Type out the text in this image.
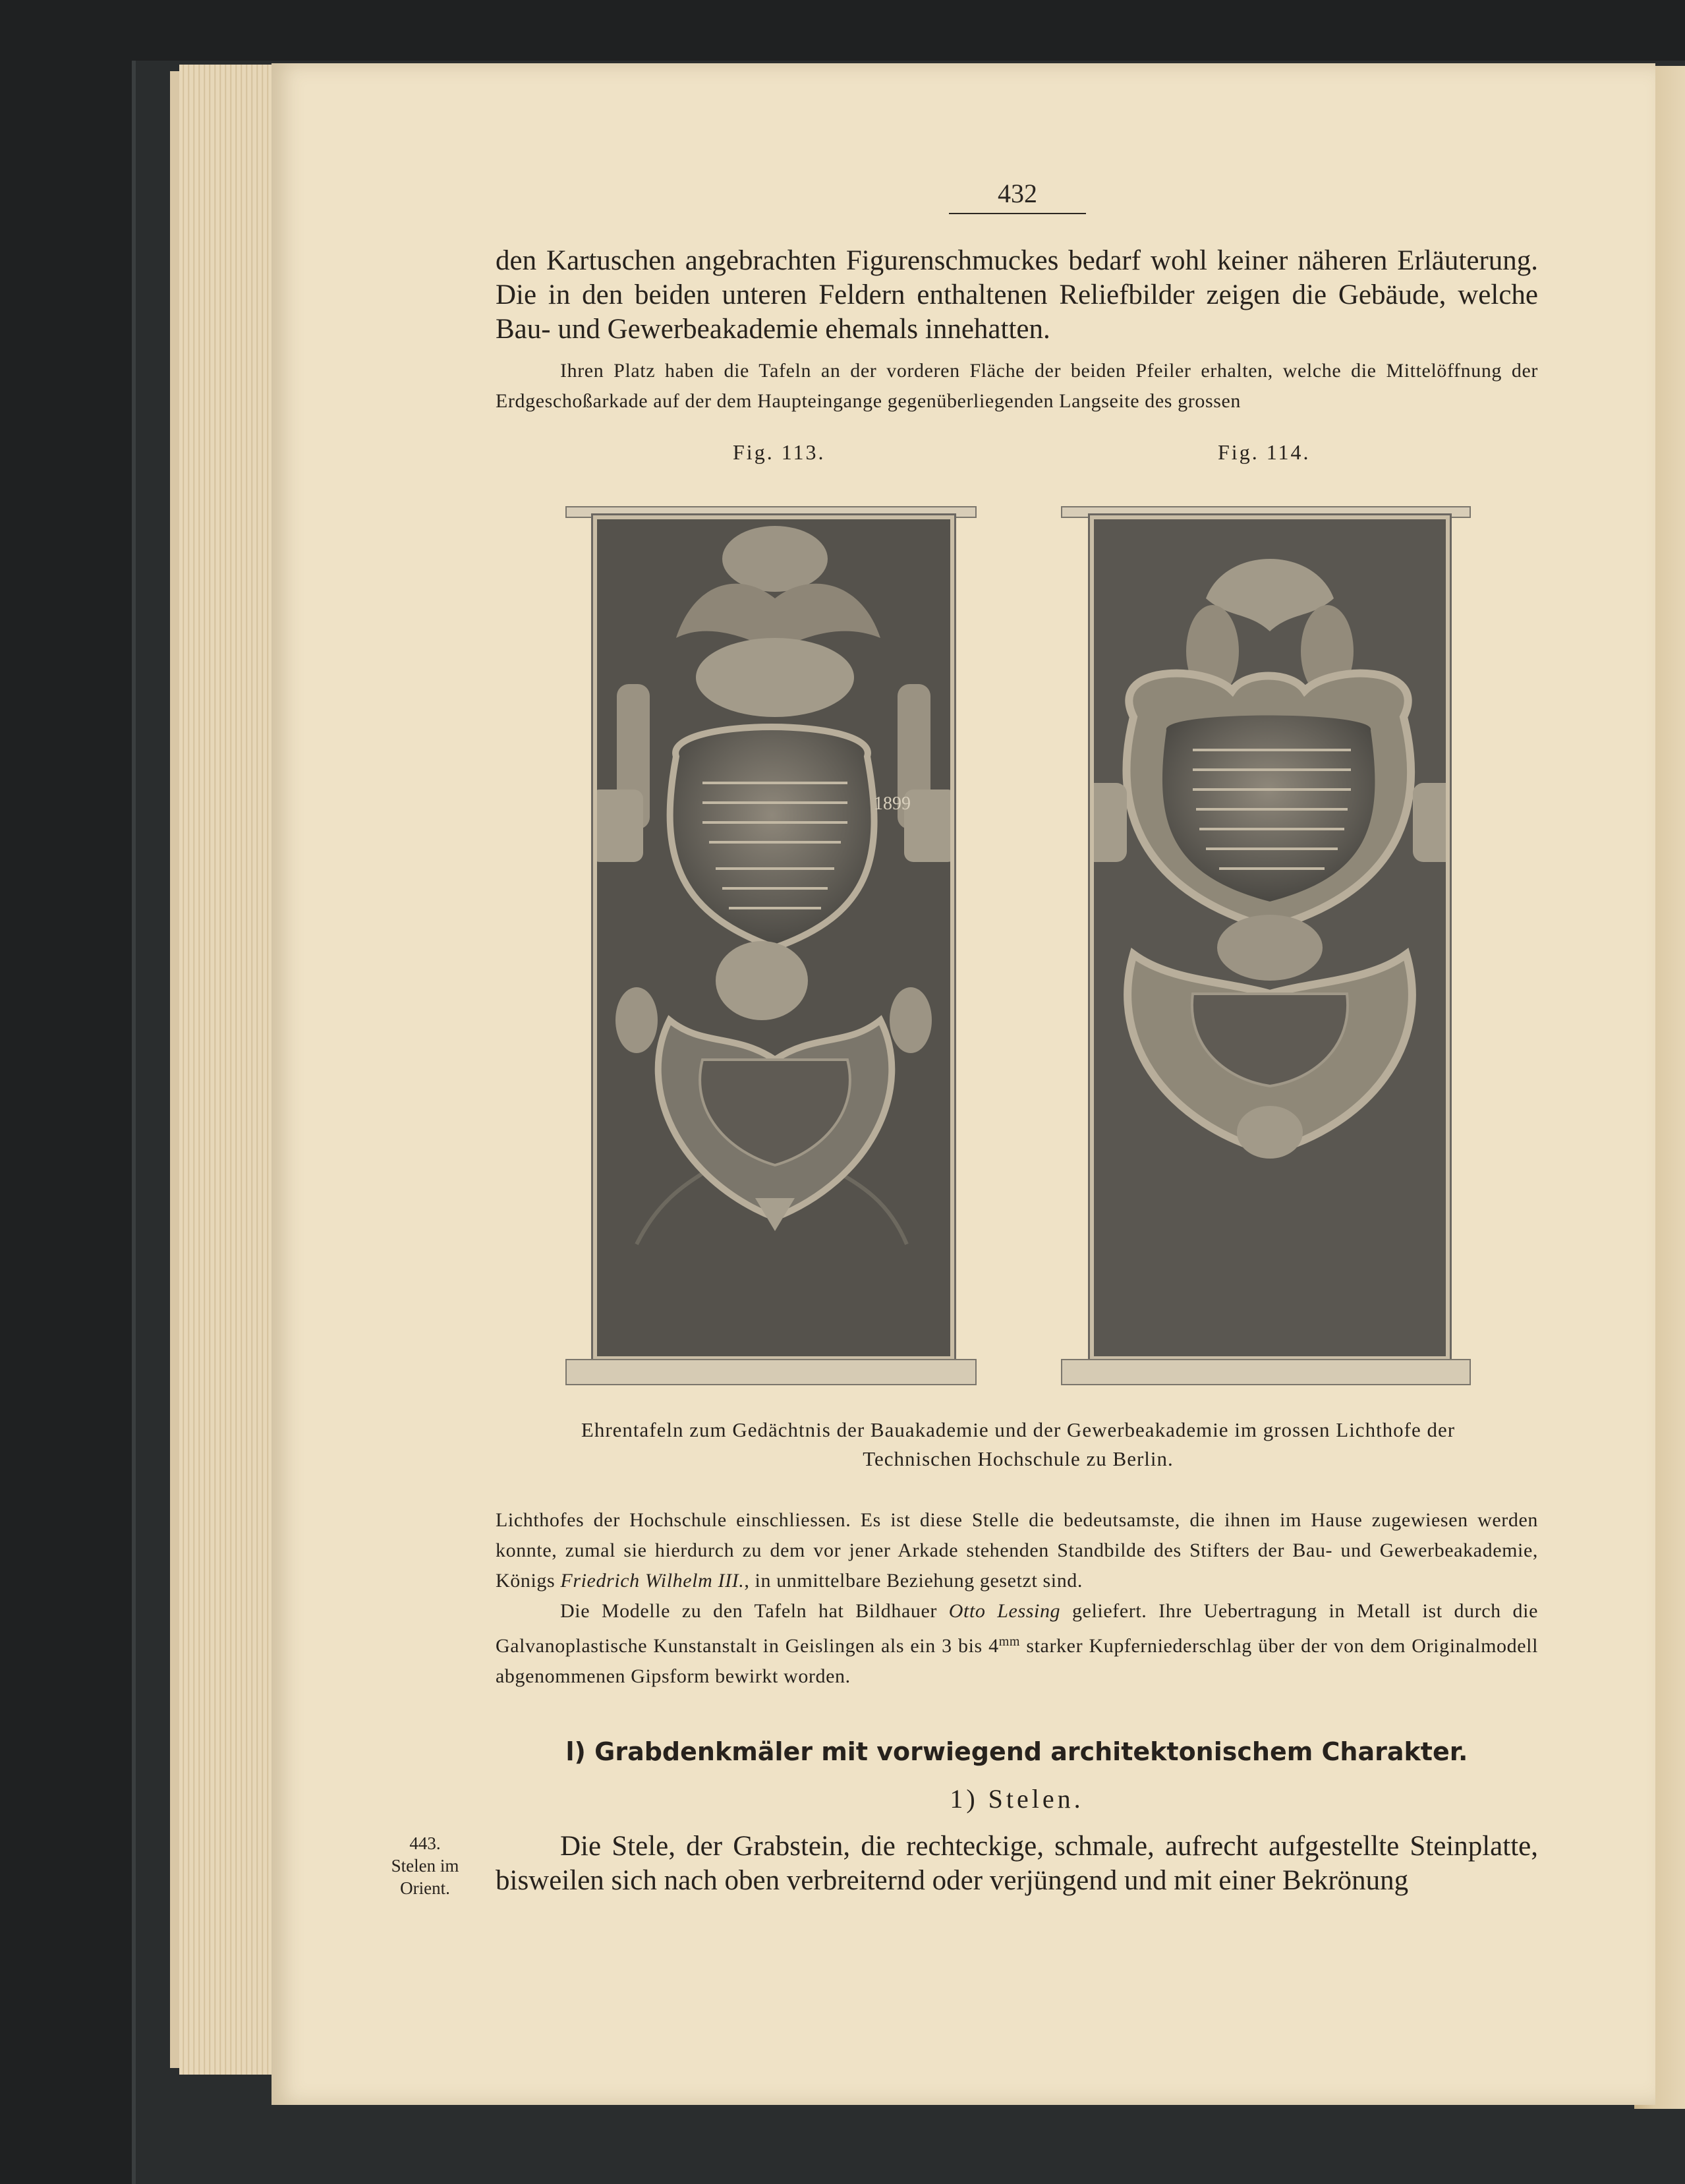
432
den Kartuschen angebrachten Figurenschmuckes bedarf wohl keiner näheren Erläuterung. Die in den beiden unteren Feldern enthaltenen Reliefbilder zeigen die Gebäude, welche Bau- und Gewerbeakademie ehemals innehatten.
Ihren Platz haben die Tafeln an der vorderen Fläche der beiden Pfeiler erhalten, welche die Mittelöffnung der Erdgeschoßarkade auf der dem Haupteingange gegenüberliegenden Langseite des grossen
Fig. 113.	Fig. 114.
1899
Ehrentafeln zum Gedächtnis der Bauakademie und der Gewerbeakademie im grossen Lichthofe der Technischen Hochschule zu Berlin.
Lichthofes der Hochschule einschliessen. Es ist diese Stelle die bedeutsamste, die ihnen im Hause zugewiesen werden konnte, zumal sie hierdurch zu dem vor jener Arkade stehenden Standbilde des Stifters der Bau- und Gewerbeakademie, Königs Friedrich Wilhelm III., in unmittelbare Beziehung gesetzt sind.
Die Modelle zu den Tafeln hat Bildhauer Otto Lessing geliefert. Ihre Uebertragung in Metall ist durch die Galvanoplastische Kunstanstalt in Geislingen als ein 3 bis $4^{mm}$ starker Kupferniederschlag über der von dem Originalmodell abgenommenen Gipsform bewirkt worden.
l) Grabdenkmäler mit vorwiegend architektonischem Charakter.
1) Stelen.
443.
Stelen im
Orient.
Die Stele, der Grabstein, die rechteckige, schmale, aufrecht aufgestellte Steinplatte, bisweilen sich nach oben verbreiternd oder verjüngend und mit einer Bekrönung
